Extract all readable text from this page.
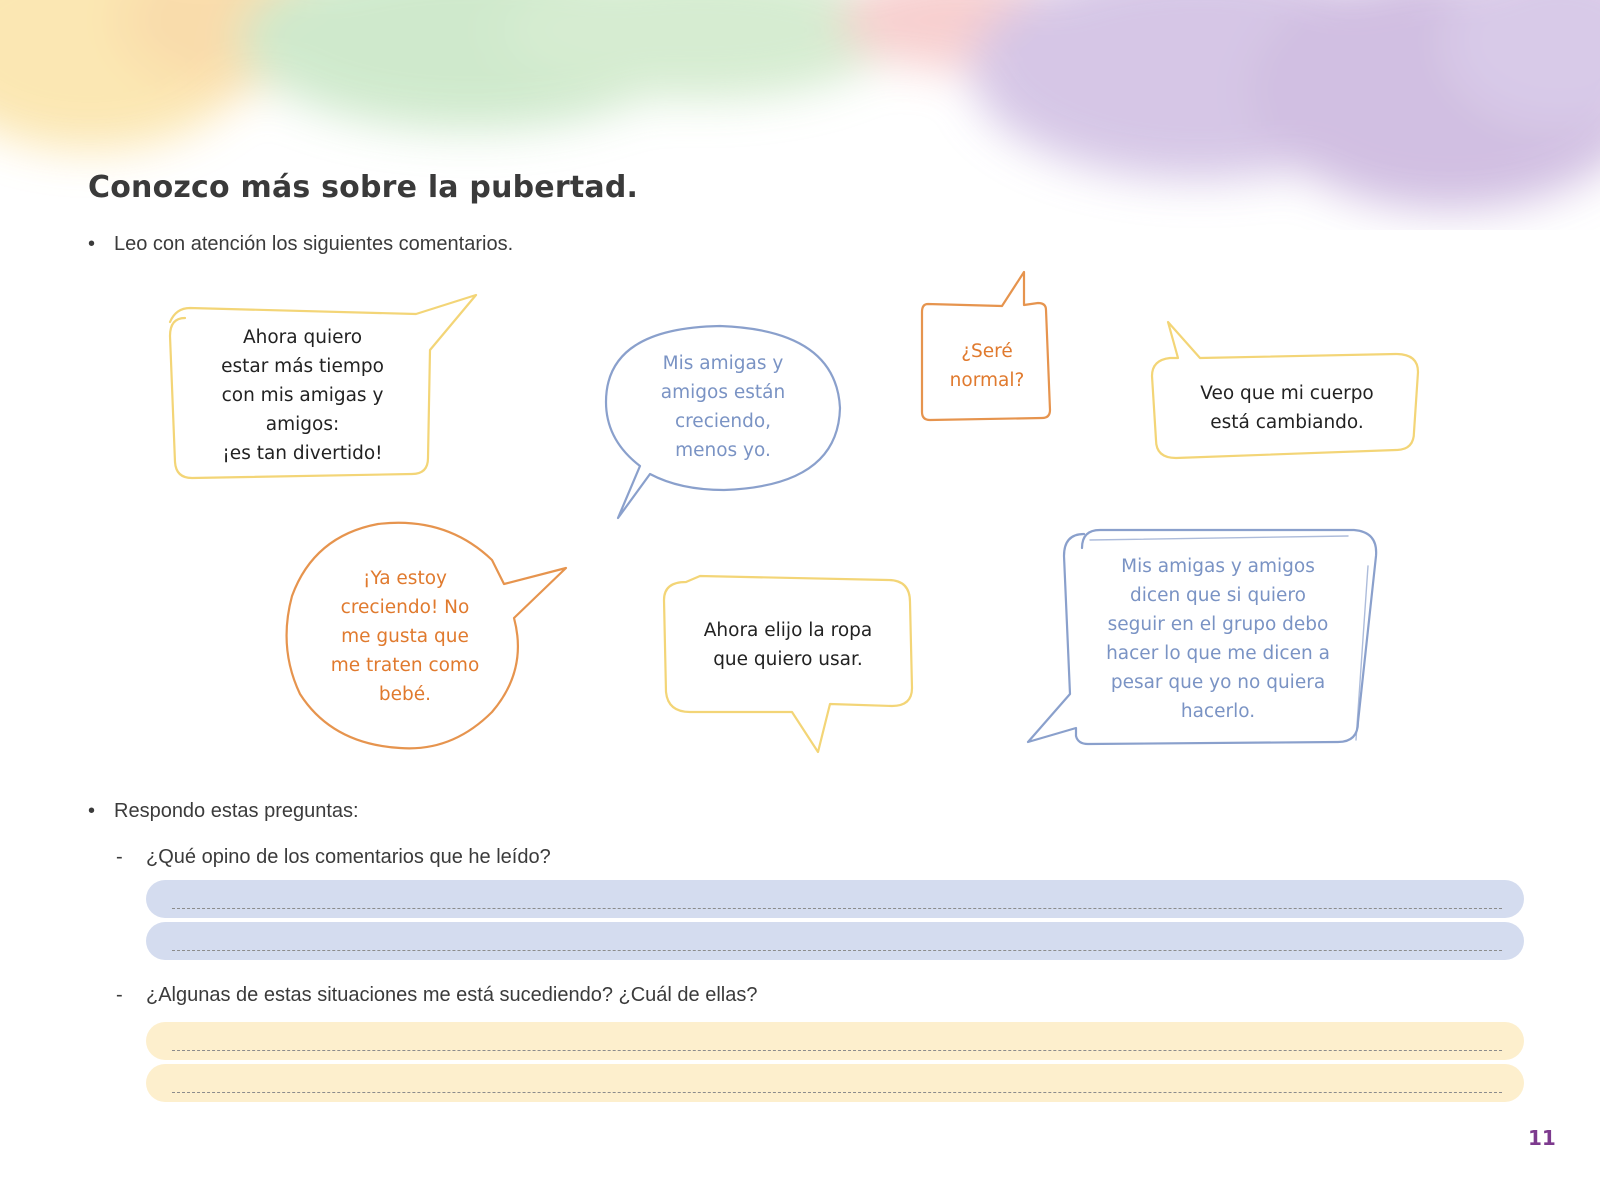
Conozco más sobre la pubertad.
• Leo con atención los siguientes comentarios.
Ahora quiero
estar más tiempo
con mis amigas y
amigos:
¡es tan divertido!
Mis amigas y
amigos están
creciendo,
menos yo.
¿Seré
normal?
Veo que mi cuerpo
está cambiando.
¡Ya estoy
creciendo! No
me gusta que
me traten como
bebé.
Ahora elijo la ropa
que quiero usar.
Mis amigas y amigos
dicen que si quiero
seguir en el grupo debo
hacer lo que me dicen a
pesar que yo no quiera
hacerlo.
• Respondo estas preguntas:
- ¿Qué opino de los comentarios que he leído?
- ¿Algunas de estas situaciones me está sucediendo? ¿Cuál de ellas?
11
